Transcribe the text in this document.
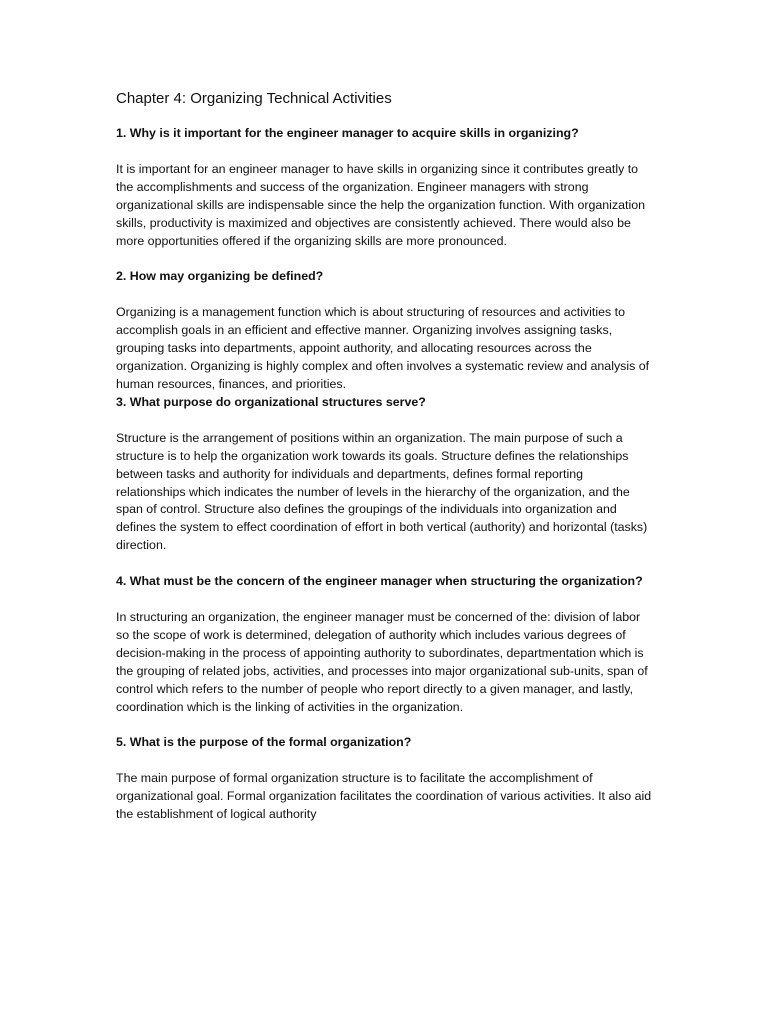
Chapter 4: Organizing Technical Activities
1. Why is it important for the engineer manager to acquire skills in organizing?
It is important for an engineer manager to have skills in organizing since it contributes greatly to the accomplishments and success of the organization. Engineer managers with strong organizational skills are indispensable since the help the organization function. With organization skills, productivity is maximized and objectives are consistently achieved. There would also be more opportunities offered if the organizing skills are more pronounced.
2. How may organizing be defined?
Organizing is a management function which is about structuring of resources and activities to accomplish goals in an efficient and effective manner. Organizing involves assigning tasks, grouping tasks into departments, appoint authority, and allocating resources across the organization. Organizing is highly complex and often involves a systematic review and analysis of human resources, finances, and priorities.
3. What purpose do organizational structures serve?
Structure is the arrangement of positions within an organization. The main purpose of such a structure is to help the organization work towards its goals. Structure defines the relationships between tasks and authority for individuals and departments, defines formal reporting relationships which indicates the number of levels in the hierarchy of the organization, and the span of control. Structure also defines the groupings of the individuals into organization and defines the system to effect coordination of effort in both vertical (authority) and horizontal (tasks) direction.
4. What must be the concern of the engineer manager when structuring the organization?
In structuring an organization, the engineer manager must be concerned of the: division of labor so the scope of work is determined, delegation of authority which includes various degrees of decision-making in the process of appointing authority to subordinates, departmentation which is the grouping of related jobs, activities, and processes into major organizational sub-units, span of control which refers to the number of people who report directly to a given manager, and lastly, coordination which is the linking of activities in the organization.
5. What is the purpose of the formal organization?
The main purpose of formal organization structure is to facilitate the accomplishment of organizational goal. Formal organization facilitates the coordination of various activities. It also aid the establishment of logical authority
